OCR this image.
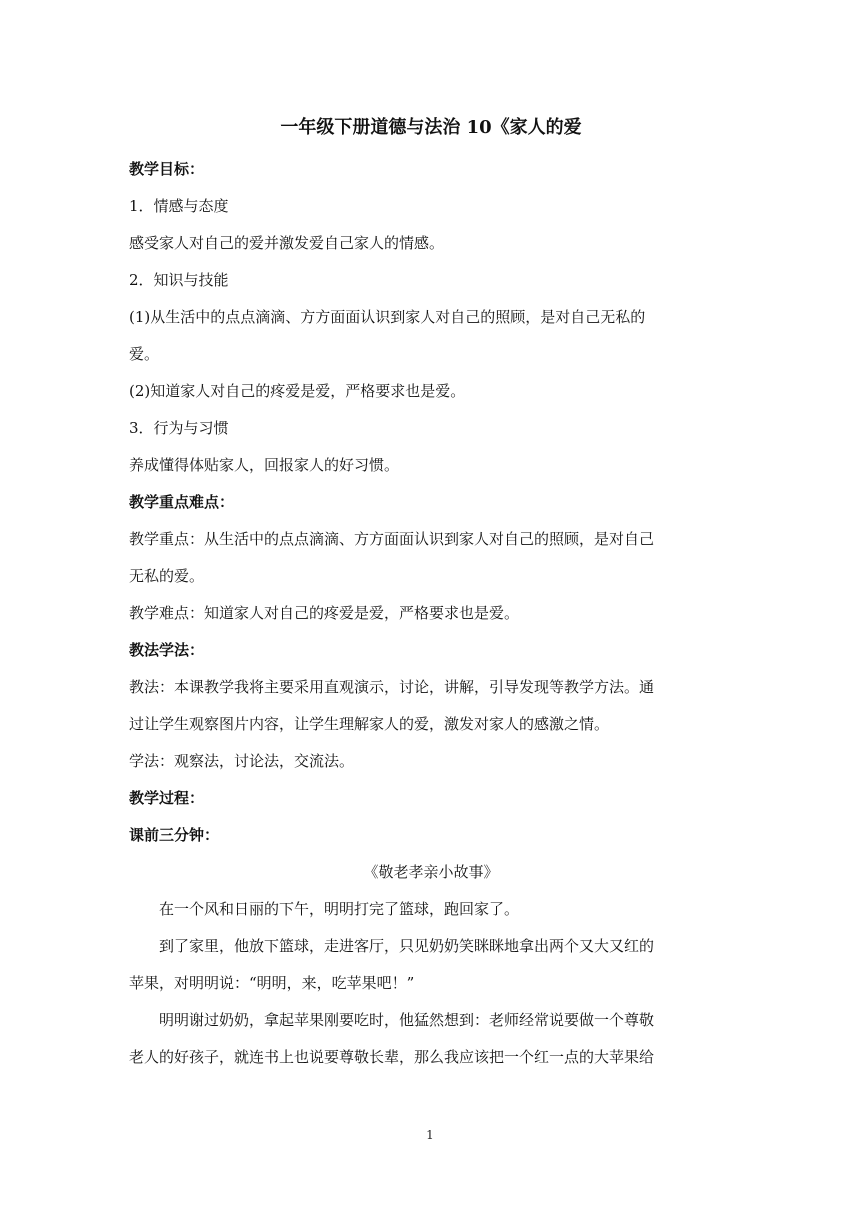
一年级下册道德与法治 10《家人的爱

教学目标：

1．情感与态度

感受家人对自己的爱并激发爱自己家人的情感。

2．知识与技能

(1)从生活中的点点滴滴、方方面面认识到家人对自己的照顾，是对自己无私的

爱。

(2)知道家人对自己的疼爱是爱，严格要求也是爱。

3．行为与习惯

养成懂得体贴家人，回报家人的好习惯。

教学重点难点：

教学重点：从生活中的点点滴滴、方方面面认识到家人对自己的照顾，是对自己

无私的爱。

教学难点：知道家人对自己的疼爱是爱，严格要求也是爱。

教法学法：

教法：本课教学我将主要采用直观演示，讨论，讲解，引导发现等教学方法。通

过让学生观察图片内容，让学生理解家人的爱，激发对家人的感激之情。

学法：观察法，讨论法，交流法。

教学过程：

课前三分钟：

《敬老孝亲小故事》

在一个风和日丽的下午，明明打完了篮球，跑回家了。

到了家里，他放下篮球，走进客厅，只见奶奶笑眯眯地拿出两个又大又红的

苹果，对明明说：“明明，来，吃苹果吧！”

明明谢过奶奶，拿起苹果刚要吃时，他猛然想到：老师经常说要做一个尊敬

老人的好孩子，就连书上也说要尊敬长辈，那么我应该把一个红一点的大苹果给

1
